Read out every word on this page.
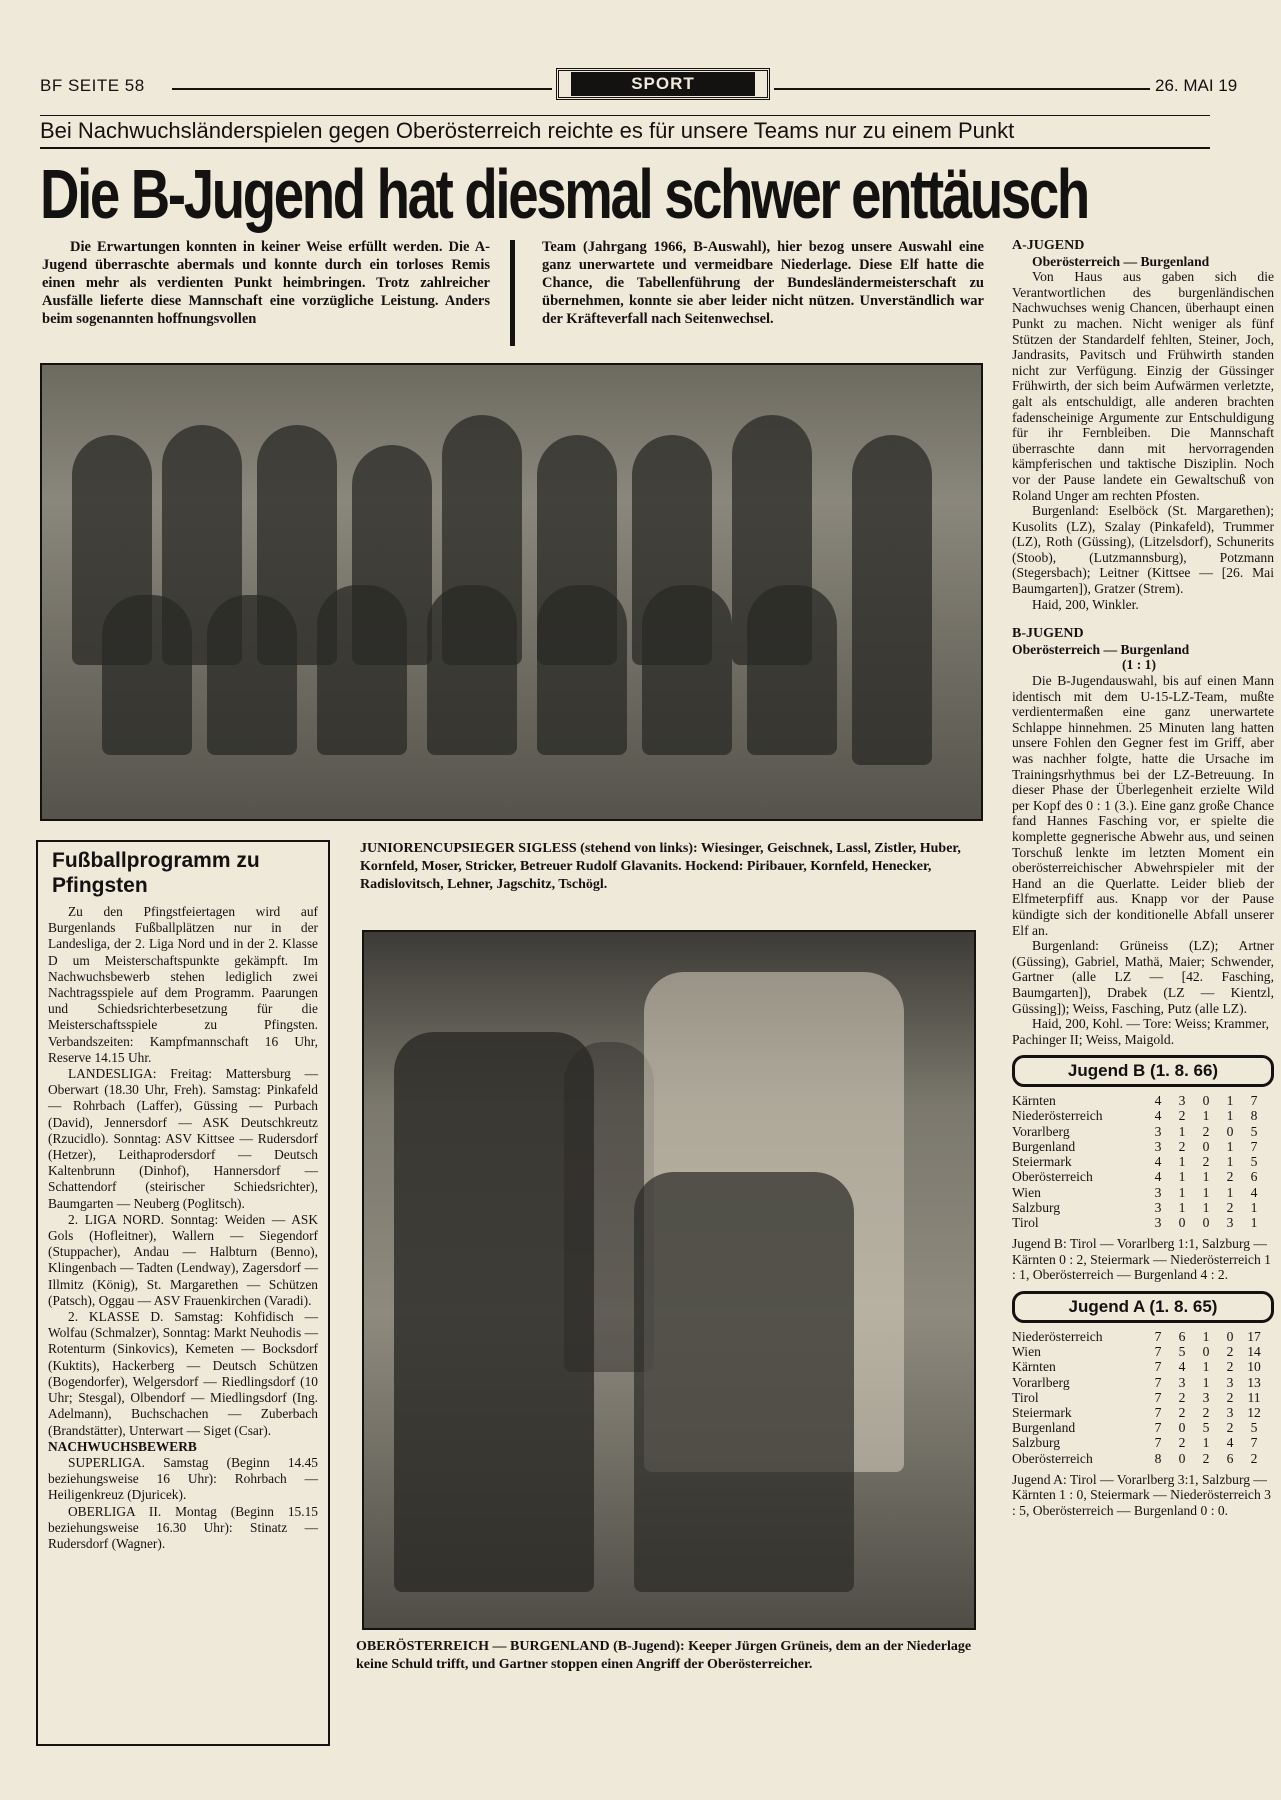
BF SEITE 58	SPORT	26. MAI 19
Bei Nachwuchsländerspielen gegen Oberösterreich reichte es für unsere Teams nur zu einem Punkt
Die B-Jugend hat diesmal schwer enttäusch

Die Erwartungen konnten in keiner Weise erfüllt werden. Die A-Jugend überraschte abermals und konnte durch ein torloses Remis einen mehr als verdienten Punkt heimbringen. Trotz zahlreicher Ausfälle lieferte diese Mannschaft eine vorzügliche Leistung. Anders beim sogenannten hoffnungsvollen

Team (Jahrgang 1966, B-Auswahl), hier bezog unsere Auswahl eine ganz unerwartete und vermeidbare Niederlage. Diese Elf hatte die Chance, die Tabellenführung der Bundesländermeisterschaft zu übernehmen, konnte sie aber leider nicht nützen. Unverständlich war der Kräfteverfall nach Seitenwechsel.

Fußballprogramm zu Pfingsten

Zu den Pfingstfeiertagen wird auf Burgenlands Fußballplätzen nur in der Landesliga, der 2. Liga Nord und in der 2. Klasse D um Meisterschaftspunkte gekämpft. Im Nachwuchsbewerb stehen lediglich zwei Nachtragsspiele auf dem Programm. Paarungen und Schiedsrichterbesetzung für die Meisterschaftsspiele zu Pfingsten. Verbandszeiten: Kampfmannschaft 16 Uhr, Reserve 14.15 Uhr.

LANDESLIGA: Freitag: Mattersburg — Oberwart (18.30 Uhr, Freh). Samstag: Pinkafeld — Rohrbach (Laffer), Güssing — Purbach (David), Jennersdorf — ASK Deutschkreutz (Rzucidlo). Sonntag: ASV Kittsee — Rudersdorf (Hetzer), Leithaprodersdorf — Deutsch Kaltenbrunn (Dinhof), Hannersdorf — Schattendorf (steirischer Schiedsrichter), Baumgarten — Neuberg (Poglitsch).

2. LIGA NORD. Sonntag: Weiden — ASK Gols (Hofleitner), Wallern — Siegendorf (Stuppacher), Andau — Halbturn (Benno), Klingenbach — Tadten (Lendway), Zagersdorf — Illmitz (König), St. Margarethen — Schützen (Patsch), Oggau — ASV Frauenkirchen (Varadi).

2. KLASSE D. Samstag: Kohfidisch — Wolfau (Schmalzer), Sonntag: Markt Neuhodis — Rotenturm (Sinkovics), Kemeten — Bocksdorf (Kuktits), Hackerberg — Deutsch Schützen (Bogendorfer), Welgersdorf — Riedlingsdorf (10 Uhr; Stesgal), Olbendorf — Miedlingsdorf (Ing. Adelmann), Buchschachen — Zuberbach (Brandstätter), Unterwart — Siget (Csar).

NACHWUCHSBEWERB

SUPERLIGA. Samstag (Beginn 14.45 beziehungsweise 16 Uhr): Rohrbach — Heiligenkreuz (Djuricek).

OBERLIGA II. Montag (Beginn 15.15 beziehungsweise 16.30 Uhr): Stinatz — Rudersdorf (Wagner).

JUNIORENCUPSIEGER SIGLESS (stehend von links): Wiesinger, Geischnek, Lassl, Zistler, Huber, Kornfeld, Moser, Stricker, Betreuer Rudolf Glavanits. Hockend: Piribauer, Kornfeld, Henecker, Radislovitsch, Lehner, Jagschitz, Tschögl.

OBERÖSTERREICH — BURGENLAND (B-Jugend): Keeper Jürgen Grüneis, dem an der Niederlage keine Schuld trifft, und Gartner stoppen einen Angriff der Oberösterreicher.

A-JUGEND

Oberösterreich — Burgenland

Von Haus aus gaben sich die Verantwortlichen des burgenländischen Nachwuchses wenig Chancen, überhaupt einen Punkt zu machen. Nicht weniger als fünf Stützen der Standardelf fehlten, Steiner, Joch, Jandrasits, Pavitsch und Frühwirth standen nicht zur Verfügung. Einzig der Güssinger Frühwirth, der sich beim Aufwärmen verletzte, galt als entschuldigt, alle anderen brachten fadenscheinige Argumente zur Entschuldigung für ihr Fernbleiben. Die Mannschaft überraschte dann mit hervorragenden kämpferischen und taktische Disziplin. Noch vor der Pause landete ein Gewaltschuß von Roland Unger am rechten Pfosten.

Burgenland: Eselböck (St. Margarethen); Kusolits (LZ), Szalay (Pinkafeld), Trummer (LZ), Roth (Güssing), (Litzelsdorf), Schunerits (Stoob), (Lutzmannsburg), Potzmann (Stegersbach); Leitner (Kittsee — [26. Mai Baumgarten]), Gratzer (Strem).

Haid, 200, Winkler.

B-JUGEND

Oberösterreich — Burgenland

(1 : 1)

Die B-Jugendauswahl, bis auf einen Mann identisch mit dem U-15-LZ-Team, mußte verdientermaßen eine ganz unerwartete Schlappe hinnehmen. 25 Minuten lang hatten unsere Fohlen den Gegner fest im Griff, aber was nachher folgte, hatte die Ursache im Trainingsrhythmus bei der LZ-Betreuung. In dieser Phase der Überlegenheit erzielte Wild per Kopf des 0 : 1 (3.). Eine ganz große Chance fand Hannes Fasching vor, er spielte die komplette gegnerische Abwehr aus, und seinen Torschuß lenkte im letzten Moment ein oberösterreichischer Abwehrspieler mit der Hand an die Querlatte. Leider blieb der Elfmeterpfiff aus. Knapp vor der Pause kündigte sich der konditionelle Abfall unserer Elf an.

Burgenland: Grüneiss (LZ); Artner (Güssing), Gabriel, Mathä, Maier; Schwender, Gartner (alle LZ — [42. Fasching, Baumgarten]), Drabek (LZ — Kientzl, Güssing]); Weiss, Fasching, Putz (alle LZ).

Haid, 200, Kohl. — Tore: Weiss; Krammer, Pachinger II; Weiss, Maigold.

Jugend B (1. 8. 66)
Kärnten	4	3	0	1	7
Niederösterreich	4	2	1	1	8
Vorarlberg	3	1	2	0	5
Burgenland	3	2	0	1	7
Steiermark	4	1	2	1	5
Oberösterreich	4	1	1	2	6
Wien	3	1	1	1	4
Salzburg	3	1	1	2	1
Tirol	3	0	0	3	1

Jugend B: Tirol — Vorarlberg 1:1, Salzburg — Kärnten 0 : 2, Steiermark — Niederösterreich 1 : 1, Oberösterreich — Burgenland 4 : 2.

Jugend A (1. 8. 65)
Niederösterreich	7	6	1	0	17
Wien	7	5	0	2	14
Kärnten	7	4	1	2	10
Vorarlberg	7	3	1	3	13
Tirol	7	2	3	2	11
Steiermark	7	2	2	3	12
Burgenland	7	0	5	2	5
Salzburg	7	2	1	4	7
Oberösterreich	8	0	2	6	2

Jugend A: Tirol — Vorarlberg 3:1, Salzburg — Kärnten 1 : 0, Steiermark — Niederösterreich 3 : 5, Oberösterreich — Burgenland 0 : 0.
